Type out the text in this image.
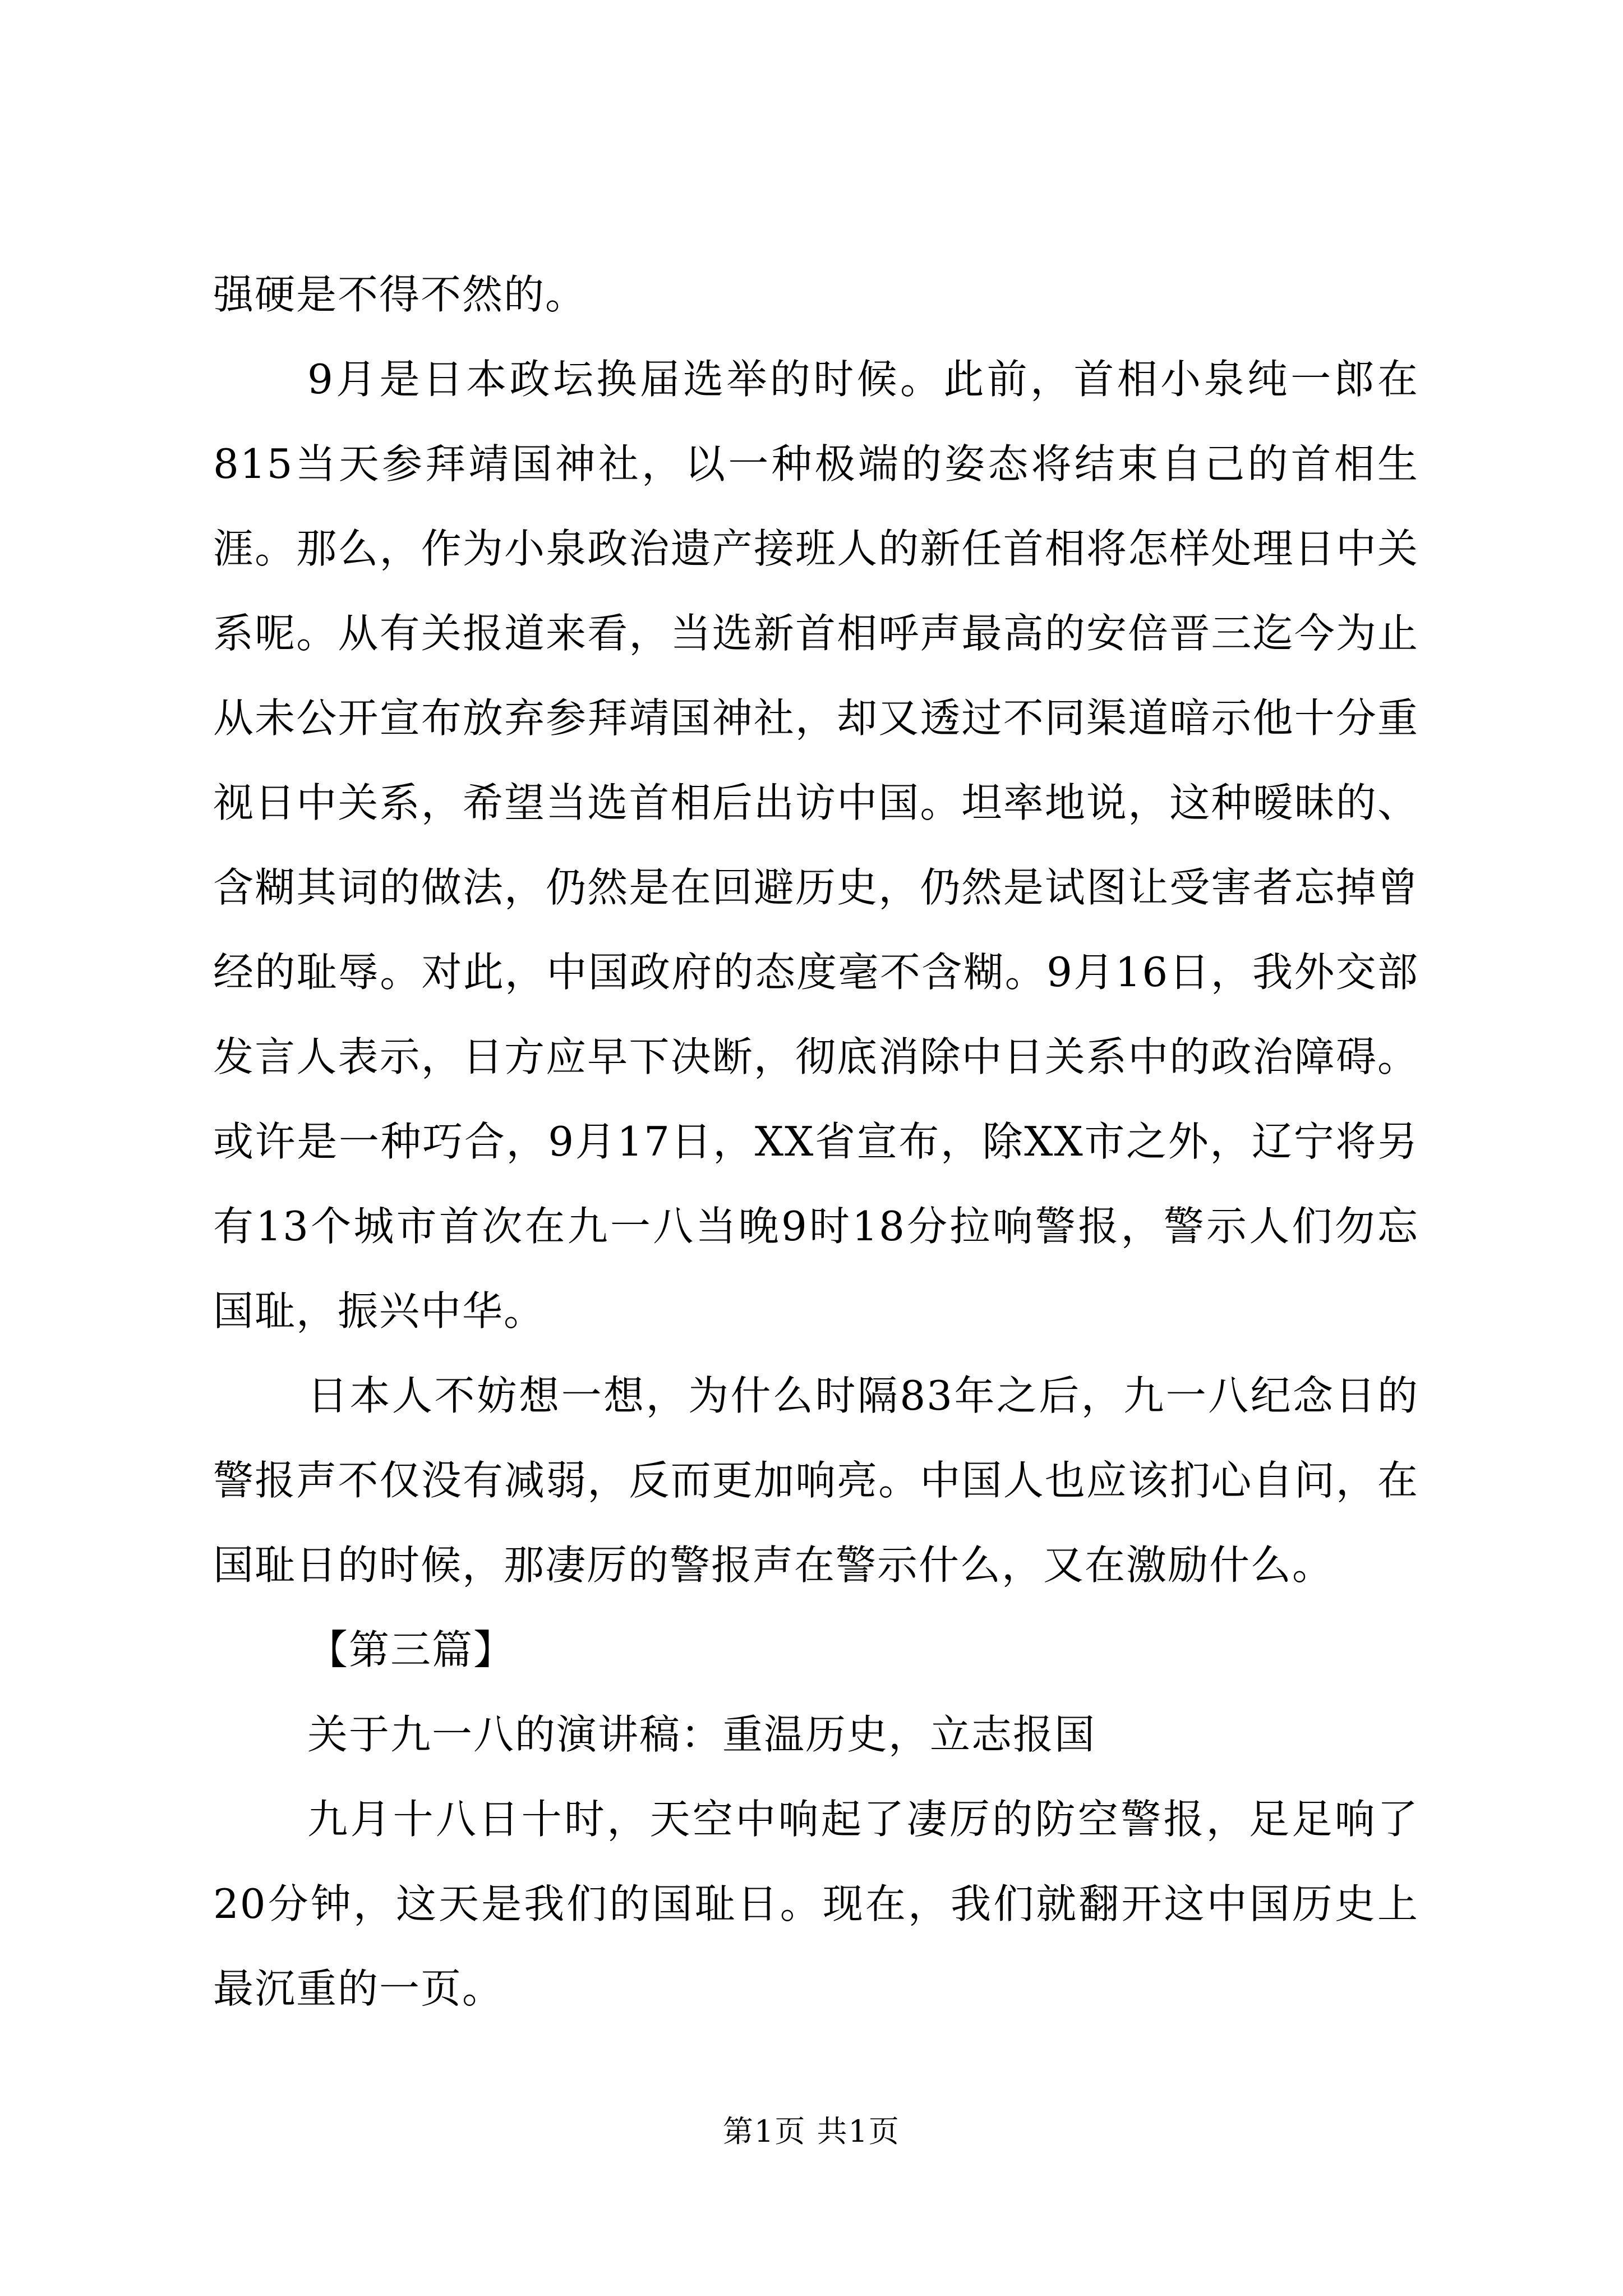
强硬是不得不然的。

9月是日本政坛换届选举的时候。此前，首相小泉纯一郎在815当天参拜靖国神社，以一种极端的姿态将结束自己的首相生涯。那么，作为小泉政治遗产接班人的新任首相将怎样处理日中关系呢。从有关报道来看，当选新首相呼声最高的安倍晋三迄今为止从未公开宣布放弃参拜靖国神社，却又透过不同渠道暗示他十分重视日中关系，希望当选首相后出访中国。坦率地说，这种暧昧的、含糊其词的做法，仍然是在回避历史，仍然是试图让受害者忘掉曾经的耻辱。对此，中国政府的态度毫不含糊。9月16日，我外交部发言人表示，日方应早下决断，彻底消除中日关系中的政治障碍。或许是一种巧合，9月17日，XX省宣布，除XX市之外，辽宁将另有13个城市首次在九一八当晚9时18分拉响警报，警示人们勿忘国耻，振兴中华。

日本人不妨想一想，为什么时隔83年之后，九一八纪念日的警报声不仅没有减弱，反而更加响亮。中国人也应该扪心自问，在国耻日的时候，那凄厉的警报声在警示什么，又在激励什么。

【第三篇】

关于九一八的演讲稿：重温历史，立志报国

九月十八日十时，天空中响起了凄厉的防空警报，足足响了20分钟，这天是我们的国耻日。现在，我们就翻开这中国历史上最沉重的一页。

第1页 共1页
